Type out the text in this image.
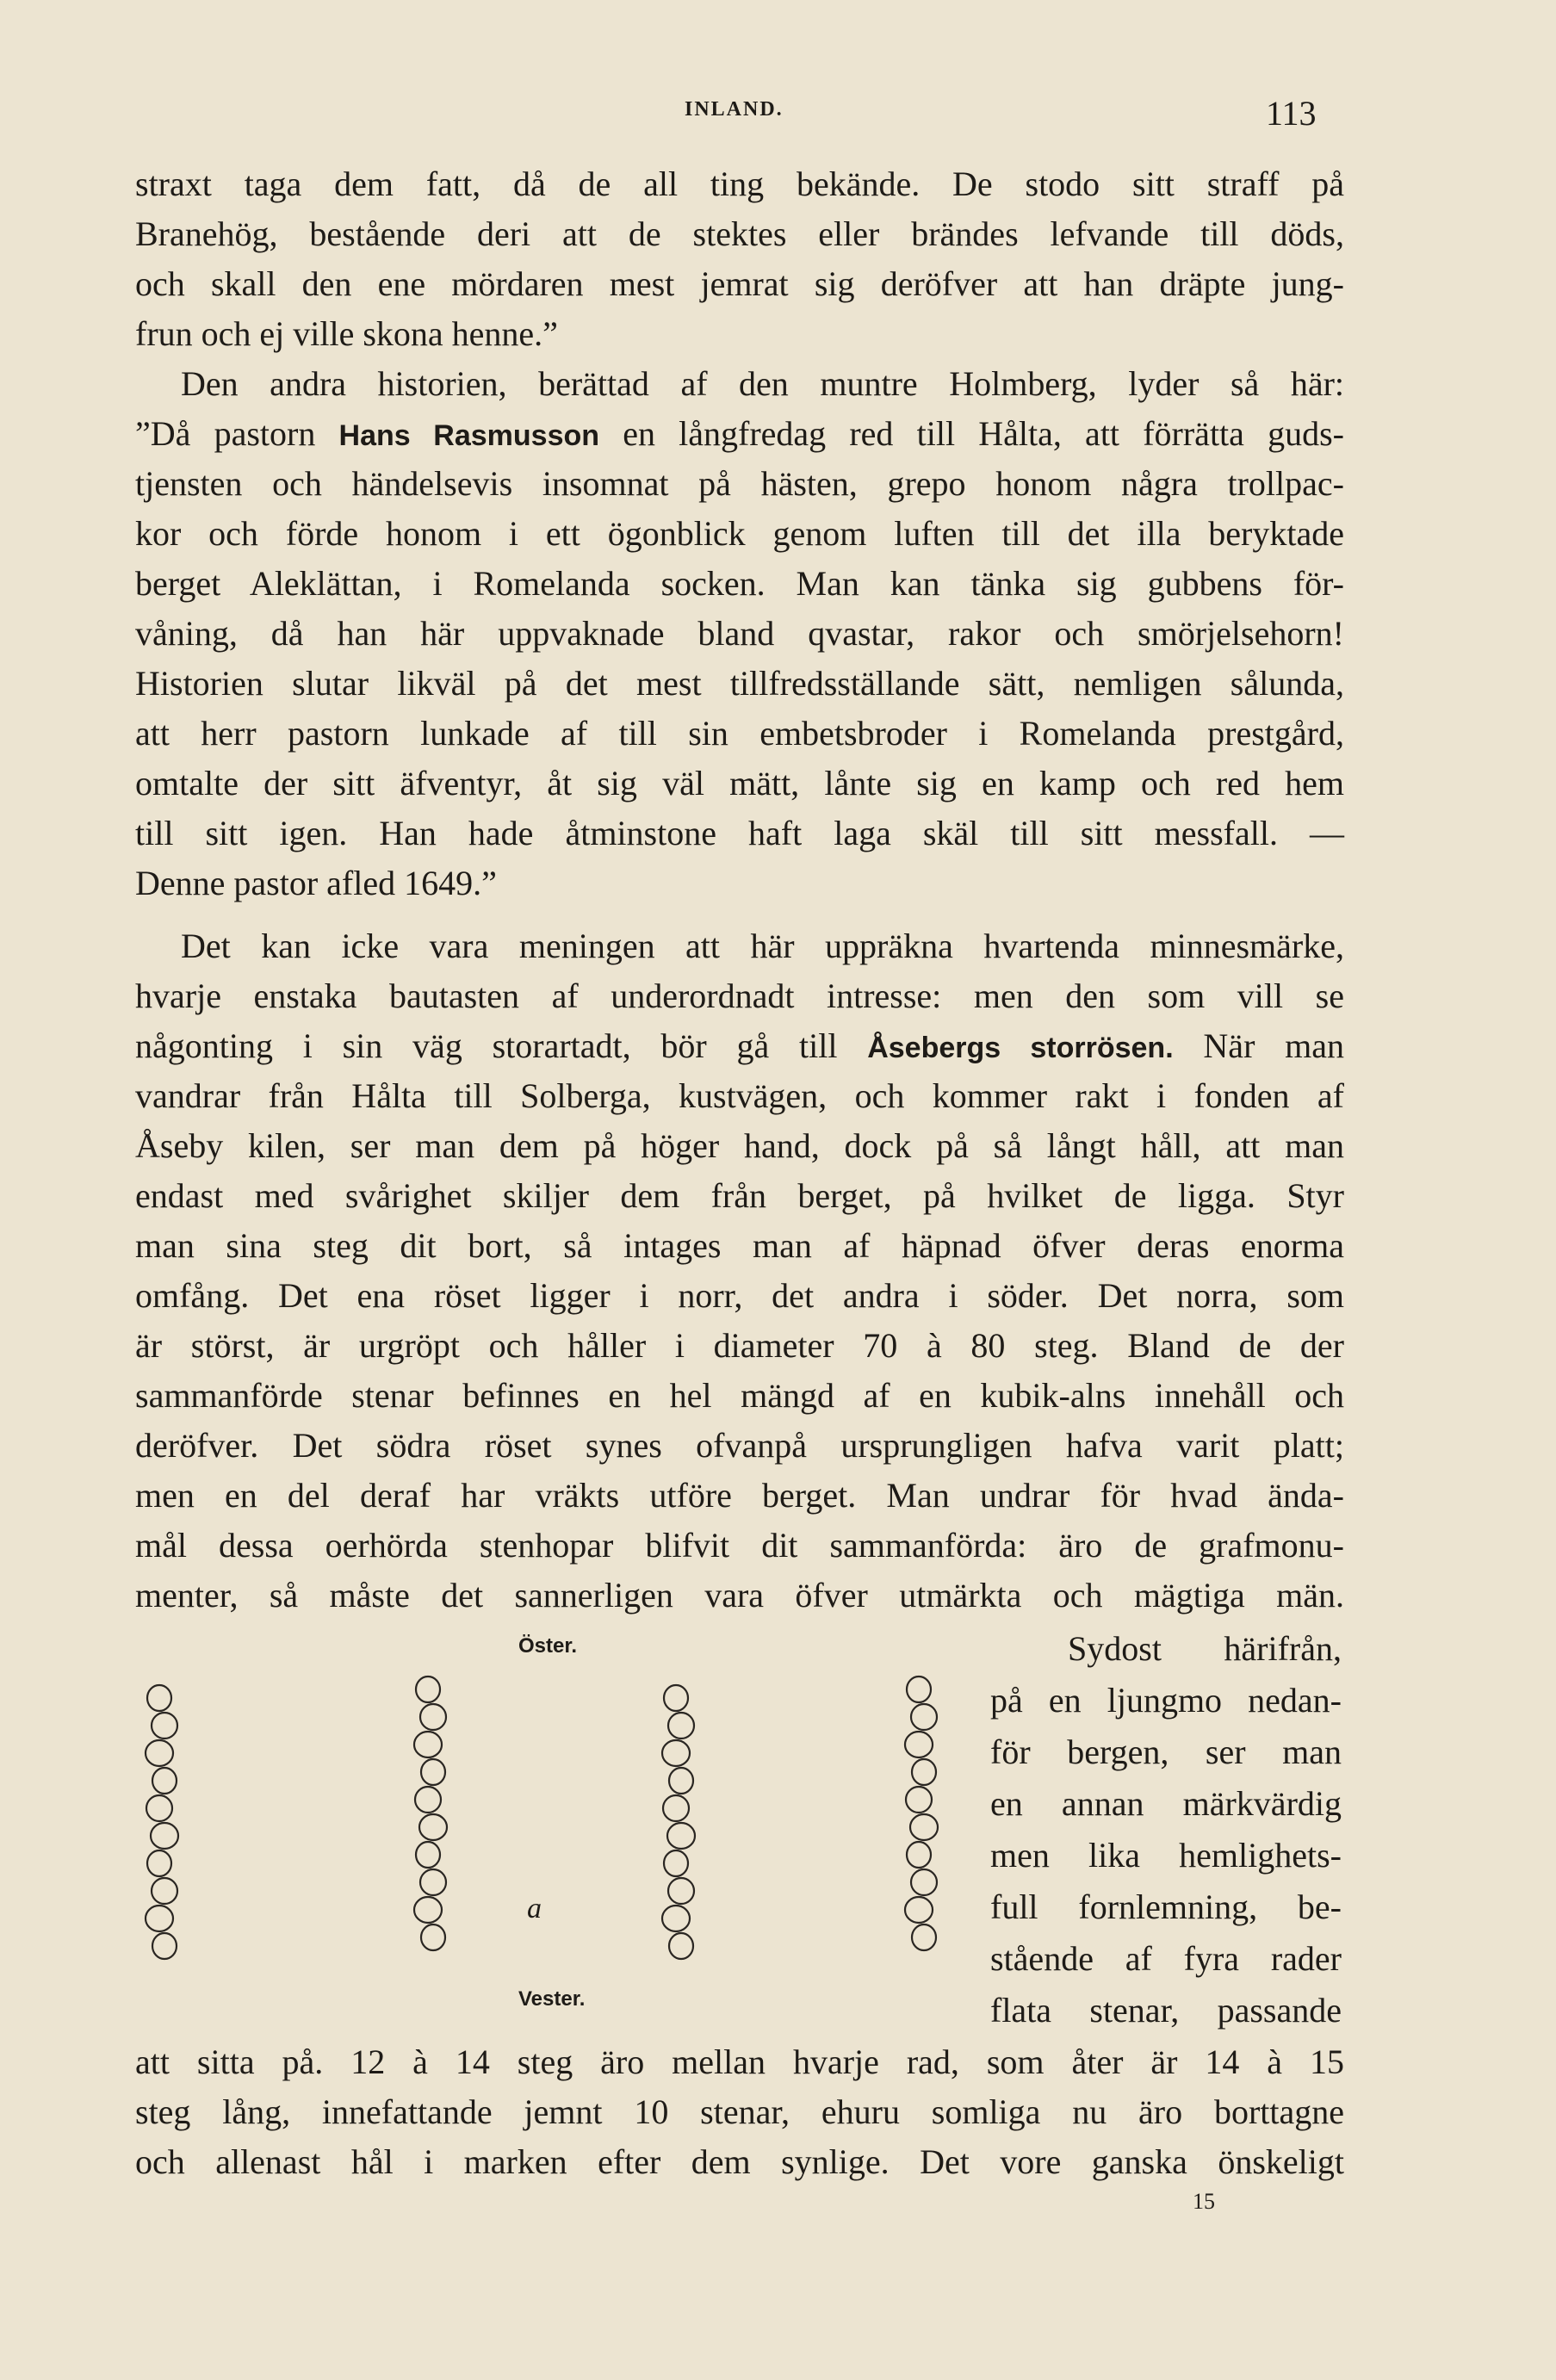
INLAND.	113
straxt taga dem fatt, då de all ting bekände. De stodo sitt straff på
Branehög, bestående deri att de stektes eller brändes lefvande till döds,
och skall den ene mördaren mest jemrat sig deröfver att han dräpte jung-
frun och ej ville skona henne.”
Den andra historien, berättad af den muntre Holmberg, lyder så här:
”Då pastorn Hans Rasmusson en långfredag red till Hålta, att förrätta guds-
tjensten och händelsevis insomnat på hästen, grepo honom några trollpac-
kor och förde honom i ett ögonblick genom luften till det illa beryktade
berget Aleklättan, i Romelanda socken. Man kan tänka sig gubbens för-
våning, då han här uppvaknade bland qvastar, rakor och smörjelsehorn!
Historien slutar likväl på det mest tillfredsställande sätt, nemligen sålunda,
att herr pastorn lunkade af till sin embetsbroder i Romelanda prestgård,
omtalte der sitt äfventyr, åt sig väl mätt, lånte sig en kamp och red hem
till sitt igen. Han hade åtminstone haft laga skäl till sitt messfall. —
Denne pastor afled 1649.”
Det kan icke vara meningen att här uppräkna hvartenda minnesmärke,
hvarje enstaka bautasten af underordnadt intresse: men den som vill se
någonting i sin väg storartadt, bör gå till Åsebergs storrösen. När man
vandrar från Hålta till Solberga, kustvägen, och kommer rakt i fonden af
Åseby kilen, ser man dem på höger hand, dock på så långt håll, att man
endast med svårighet skiljer dem från berget, på hvilket de ligga. Styr
man sina steg dit bort, så intages man af häpnad öfver deras enorma
omfång. Det ena röset ligger i norr, det andra i söder. Det norra, som
är störst, är urgröpt och håller i diameter 70 à 80 steg. Bland de der
sammanförde stenar befinnes en hel mängd af en kubik-alns innehåll och
deröfver. Det södra röset synes ofvanpå ursprungligen hafva varit platt;
men en del deraf har vräkts utföre berget. Man undrar för hvad ända-
mål dessa oerhörda stenhopar blifvit dit sammanförda: äro de grafmonu-
menter, så måste det sannerligen vara öfver utmärkta och mägtiga män.
Sydost härifrån,
på en ljungmo nedan-
för bergen, ser man
en annan märkvärdig
men lika hemlighets-
full fornlemning, be-
stående af fyra rader
flata stenar, passande
Öster.
Vester.
a
att sitta på. 12 à 14 steg äro mellan hvarje rad, som åter är 14 à 15
steg lång, innefattande jemnt 10 stenar, ehuru somliga nu äro borttagne
och allenast hål i marken efter dem synlige. Det vore ganska önskeligt
15
